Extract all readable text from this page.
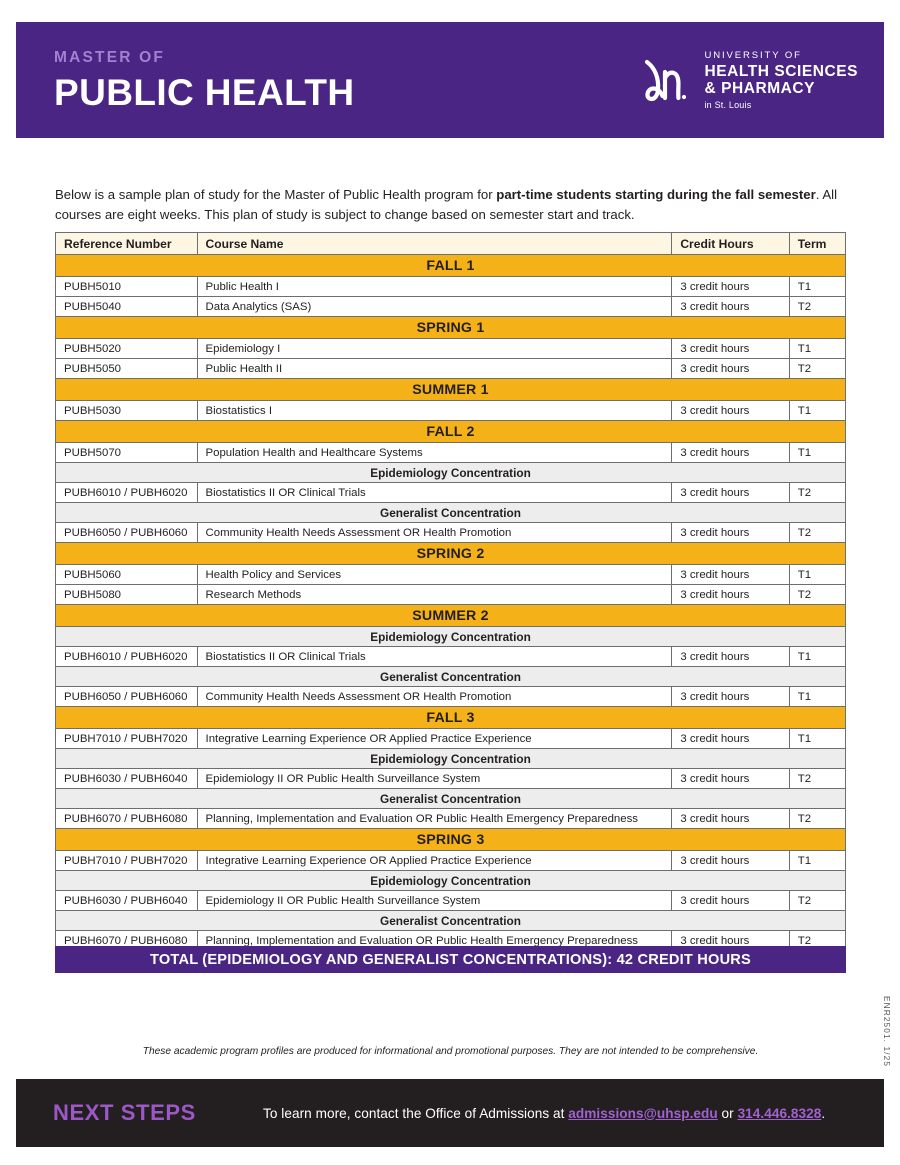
MASTER OF
PUBLIC HEALTH
UNIVERSITY OF
HEALTH SCIENCES
& PHARMACY
in St. Louis

Below is a sample plan of study for the Master of Public Health program for part-time students starting during the fall semester. All courses are eight weeks. This plan of study is subject to change based on semester start and track.

Reference Number	Course Name	Credit Hours	Term
FALL 1			
PUBH5010	Public Health I	3 credit hours	T1
PUBH5040	Data Analytics (SAS)	3 credit hours	T2
SPRING 1			
PUBH5020	Epidemiology I	3 credit hours	T1
PUBH5050	Public Health II	3 credit hours	T2
SUMMER 1			
PUBH5030	Biostatistics I	3 credit hours	T1
FALL 2			
PUBH5070	Population Health and Healthcare Systems	3 credit hours	T1
Epidemiology Concentration			
PUBH6010 / PUBH6020	Biostatistics II OR Clinical Trials	3 credit hours	T2
Generalist Concentration			
PUBH6050 / PUBH6060	Community Health Needs Assessment OR Health Promotion	3 credit hours	T2
SPRING 2			
PUBH5060	Health Policy and Services	3 credit hours	T1
PUBH5080	Research Methods	3 credit hours	T2
SUMMER 2			
Epidemiology Concentration			
PUBH6010 / PUBH6020	Biostatistics II OR Clinical Trials	3 credit hours	T1
Generalist Concentration			
PUBH6050 / PUBH6060	Community Health Needs Assessment OR Health Promotion	3 credit hours	T1
FALL 3			
PUBH7010 / PUBH7020	Integrative Learning Experience OR Applied Practice Experience	3 credit hours	T1
Epidemiology Concentration			
PUBH6030 / PUBH6040	Epidemiology II OR Public Health Surveillance System	3 credit hours	T2
Generalist Concentration			
PUBH6070 / PUBH6080	Planning, Implementation and Evaluation OR Public Health Emergency Preparedness	3 credit hours	T2
SPRING 3			
PUBH7010 / PUBH7020	Integrative Learning Experience OR Applied Practice Experience	3 credit hours	T1
Epidemiology Concentration			
PUBH6030 / PUBH6040	Epidemiology II OR Public Health Surveillance System	3 credit hours	T2
Generalist Concentration			
PUBH6070 / PUBH6080	Planning, Implementation and Evaluation OR Public Health Emergency Preparedness	3 credit hours	T2
TOTAL (EPIDEMIOLOGY AND GENERALIST CONCENTRATIONS): 42 CREDIT HOURS
These academic program profiles are produced for informational and promotional purposes. They are not intended to be comprehensive.	ENR2501. 1/25
NEXT STEPS	To learn more, contact the Office of Admissions at admissions@uhsp.edu or 314.446.8328.
